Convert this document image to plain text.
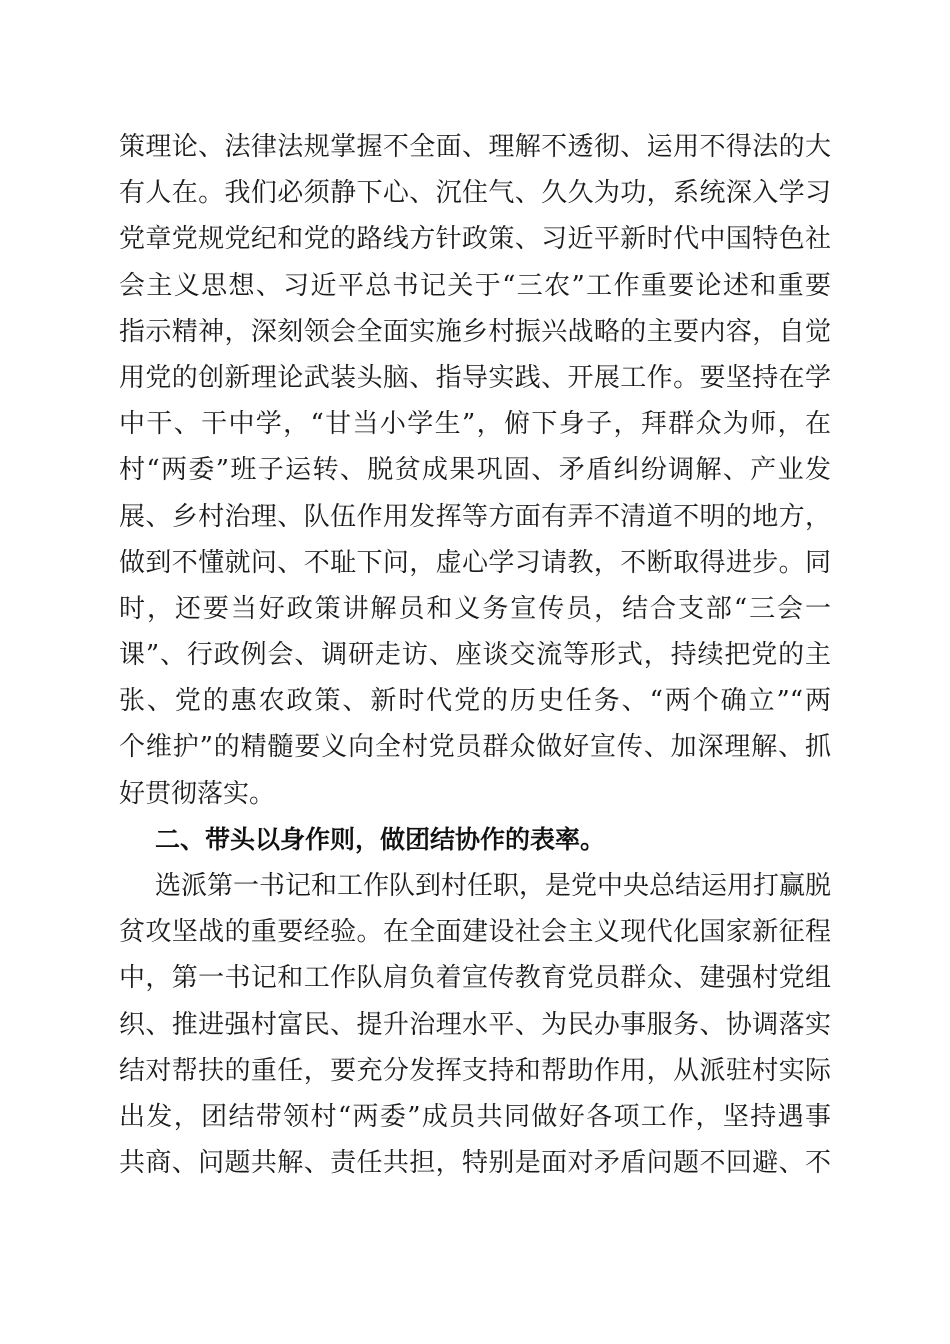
策理论、法律法规掌握不全面、理解不透彻、运用不得法的大
有人在。我们必须静下心、沉住气、久久为功，系统深入学习
党章党规党纪和党的路线方针政策、习近平新时代中国特色社
会主义思想、习近平总书记关于“三农”工作重要论述和重要
指示精神，深刻领会全面实施乡村振兴战略的主要内容，自觉
用党的创新理论武装头脑、指导实践、开展工作。要坚持在学
中干、干中学，“甘当小学生”，俯下身子，拜群众为师，在
村“两委”班子运转、脱贫成果巩固、矛盾纠纷调解、产业发
展、乡村治理、队伍作用发挥等方面有弄不清道不明的地方，
做到不懂就问、不耻下问，虚心学习请教，不断取得进步。同
时，还要当好政策讲解员和义务宣传员，结合支部“三会一
课”、行政例会、调研走访、座谈交流等形式，持续把党的主
张、党的惠农政策、新时代党的历史任务、“两个确立”“两
个维护”的精髓要义向全村党员群众做好宣传、加深理解、抓
好贯彻落实。
二、带头以身作则，做团结协作的表率。
选派第一书记和工作队到村任职，是党中央总结运用打赢脱
贫攻坚战的重要经验。在全面建设社会主义现代化国家新征程
中，第一书记和工作队肩负着宣传教育党员群众、建强村党组
织、推进强村富民、提升治理水平、为民办事服务、协调落实
结对帮扶的重任，要充分发挥支持和帮助作用，从派驻村实际
出发，团结带领村“两委”成员共同做好各项工作，坚持遇事
共商、问题共解、责任共担，特别是面对矛盾问题不回避、不
